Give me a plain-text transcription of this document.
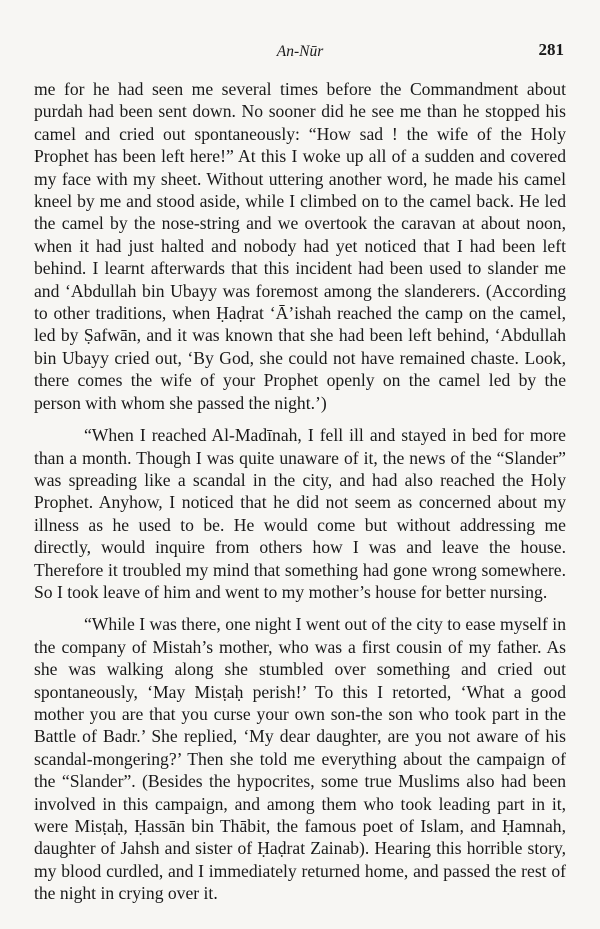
An-Nūr	281

me for he had seen me several times before the Commandment about purdah had been sent down. No sooner did he see me than he stopped his camel and cried out spontaneously: “How sad ! the wife of the Holy Prophet has been left here!” At this I woke up all of a sudden and covered my face with my sheet. Without uttering another word, he made his camel kneel by me and stood aside, while I climbed on to the camel back. He led the camel by the nose-string and we overtook the caravan at about noon, when it had just halted and nobody had yet noticed that I had been left behind. I learnt afterwards that this incident had been used to slander me and ‘Abdullah bin Ubayy was foremost among the slanderers. (According to other traditions, when Ḥaḍrat ‘Ā’ishah reached the camp on the camel, led by Ṣafwān, and it was known that she had been left behind, ‘Abdullah bin Ubayy cried out, ‘By God, she could not have remained chaste. Look, there comes the wife of your Prophet openly on the camel led by the person with whom she passed the night.’)

“When I reached Al-Madīnah, I fell ill and stayed in bed for more than a month. Though I was quite unaware of it, the news of the “Slander” was spreading like a scandal in the city, and had also reached the Holy Prophet. Anyhow, I noticed that he did not seem as concerned about my illness as he used to be. He would come but without addressing me directly, would inquire from others how I was and leave the house. Therefore it troubled my mind that something had gone wrong somewhere. So I took leave of him and went to my mother’s house for better nursing.

“While I was there, one night I went out of the city to ease myself in the company of Mistah’s mother, who was a first cousin of my father. As she was walking along she stumbled over something and cried out spontaneously, ‘May Misṭaḥ perish!’ To this I retorted, ‘What a good mother you are that you curse your own son-the son who took part in the Battle of Badr.’ She replied, ‘My dear daughter, are you not aware of his scandal-mongering?’ Then she told me everything about the campaign of the “Slander”. (Besides the hypocrites, some true Muslims also had been involved in this campaign, and among them who took leading part in it, were Misṭaḥ, Ḥassān bin Thābit, the famous poet of Islam, and Ḥamnah, daughter of Jahsh and sister of Ḥaḍrat Zainab). Hearing this horrible story, my blood curdled, and I immediately returned home, and passed the rest of the night in crying over it.
